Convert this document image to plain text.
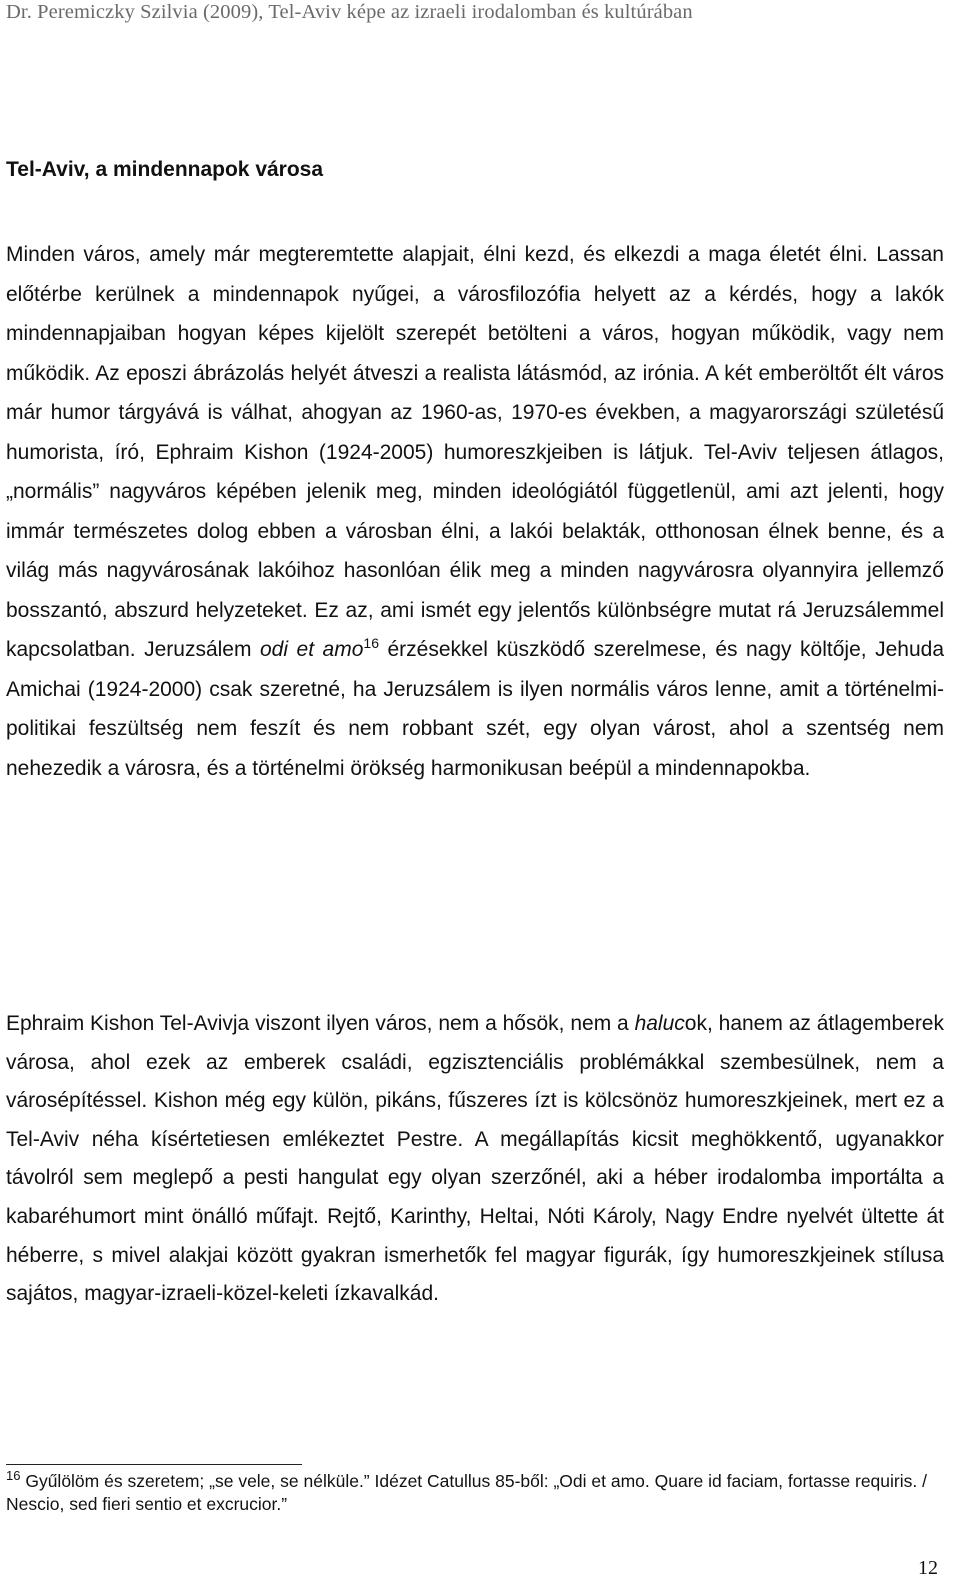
Dr. Peremiczky Szilvia (2009), Tel-Aviv képe az izraeli irodalomban és kultúrában
Tel-Aviv, a mindennapok városa

Minden város, amely már megteremtette alapjait, élni kezd, és elkezdi a maga életét élni. Lassan előtérbe kerülnek a mindennapok nyűgei, a városfilozófia helyett az a kérdés, hogy a lakók mindennapjaiban hogyan képes kijelölt szerepét betölteni a város, hogyan működik, vagy nem működik. Az eposzi ábrázolás helyét átveszi a realista látásmód, az irónia. A két emberöltőt élt város már humor tárgyává is válhat, ahogyan az 1960-as, 1970-es években, a magyarországi születésű humorista, író, Ephraim Kishon (1924-2005) humoreszkjeiben is látjuk. Tel-Aviv teljesen átlagos, „normális” nagyváros képében jelenik meg, minden ideológiától függetlenül, ami azt jelenti, hogy immár természetes dolog ebben a városban élni, a lakói belakták, otthonosan élnek benne, és a világ más nagyvárosának lakóihoz hasonlóan élik meg a minden nagyvárosra olyannyira jellemző bosszantó, abszurd helyzeteket. Ez az, ami ismét egy jelentős különbségre mutat rá Jeruzsálemmel kapcsolatban. Jeruzsálem odi et amo$^{16}$ érzésekkel küszködő szerelmese, és nagy költője, Jehuda Amichai (1924-2000) csak szeretné, ha Jeruzsálem is ilyen normális város lenne, amit a történelmi-politikai feszültség nem feszít és nem robbant szét, egy olyan várost, ahol a szentség nem nehezedik a városra, és a történelmi örökség harmonikusan beépül a mindennapokba.

Ephraim Kishon Tel-Avivja viszont ilyen város, nem a hősök, nem a halucok, hanem az átlagemberek városa, ahol ezek az emberek családi, egzisztenciális problémákkal szembesülnek, nem a városépítéssel. Kishon még egy külön, pikáns, fűszeres ízt is kölcsönöz humoreszkjeinek, mert ez a Tel-Aviv néha kísértetiesen emlékeztet Pestre. A megállapítás kicsit meghökkentő, ugyanakkor távolról sem meglepő a pesti hangulat egy olyan szerzőnél, aki a héber irodalomba importálta a kabaréhumort mint önálló műfajt. Rejtő, Karinthy, Heltai, Nóti Károly, Nagy Endre nyelvét ültette át héberre, s mivel alakjai között gyakran ismerhetők fel magyar figurák, így humoreszkjeinek stílusa sajátos, magyar-izraeli-közel-keleti ízkavalkád.

$^{16}$ Gyűlölöm és szeretem; „se vele, se nélküle.” Idézet Catullus 85-ből: „Odi et amo. Quare id faciam, fortasse requiris. / Nescio, sed fieri sentio et excrucior.”

12
